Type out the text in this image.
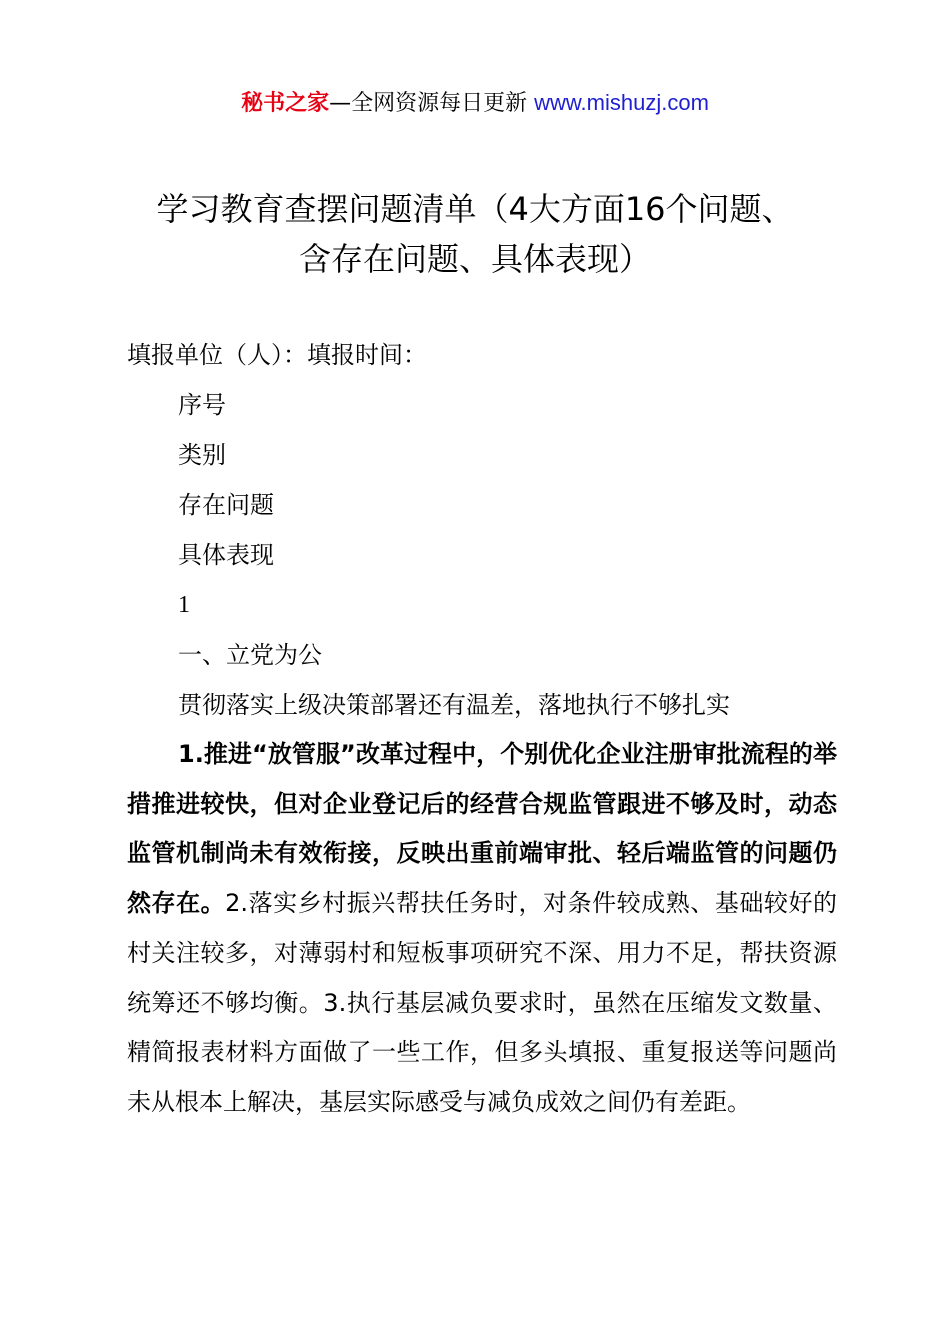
秘书之家—全网资源每日更新 www.mishuzj.com
学习教育查摆问题清单（4大方面16个问题、
含存在问题、具体表现）

填报单位（人）：填报时间：

序号

类别

存在问题

具体表现

1

一、立党为公

贯彻落实上级决策部署还有温差，落地执行不够扎实

1.推进“放管服”改革过程中，个别优化企业注册审批流程的举措推进较快，但对企业登记后的经营合规监管跟进不够及时，动态监管机制尚未有效衔接，反映出重前端审批、轻后端监管的问题仍然存在。2.落实乡村振兴帮扶任务时，对条件较成熟、基础较好的村关注较多，对薄弱村和短板事项研究不深、用力不足，帮扶资源统筹还不够均衡。3.执行基层减负要求时，虽然在压缩发文数量、精简报表材料方面做了一些工作，但多头填报、重复报送等问题尚未从根本上解决，基层实际感受与减负成效之间仍有差距。
